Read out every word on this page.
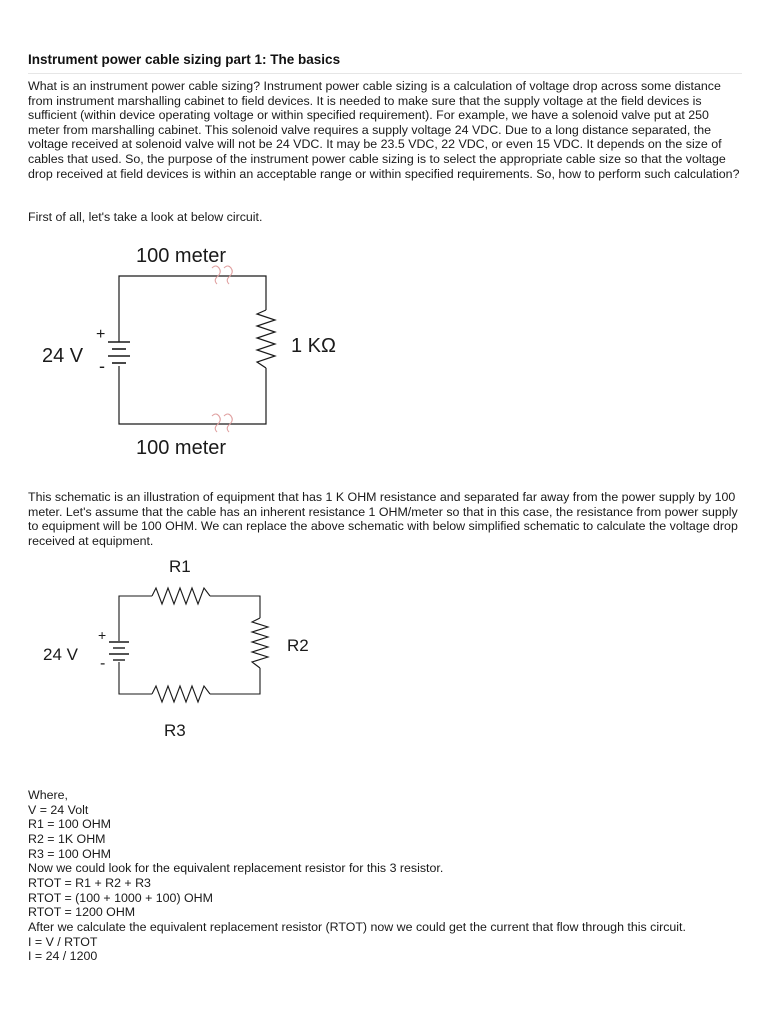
Instrument power cable sizing part 1: The basics
What is an instrument power cable sizing? Instrument power cable sizing is a calculation of voltage drop across some distance from instrument marshalling cabinet to field devices. It is needed to make sure that the supply voltage at the field devices is sufficient (within device operating voltage or within specified requirement). For example, we have a solenoid valve put at 250 meter from marshalling cabinet. This solenoid valve requires a supply voltage 24 VDC. Due to a long distance separated, the voltage received at solenoid valve will not be 24 VDC. It may be 23.5 VDC, 22 VDC, or even 15 VDC. It depends on the size of cables that used. So, the purpose of the instrument power cable sizing is to select the appropriate cable size so that the voltage drop received at field devices is within an acceptable range or within specified requirements. So, how to perform such calculation?
First of all, let's take a look at below circuit.
100 meter
100 meter
24 V
+
-
1 KΩ
This schematic is an illustration of equipment that has 1 K OHM resistance and separated far away from the power supply by 100 meter. Let's assume that the cable has an inherent resistance 1 OHM/meter so that in this case, the resistance from power supply to equipment will be 100 OHM. We can replace the above schematic with below simplified schematic to calculate the voltage drop received at equipment.
R1
R2
R3
24 V
+
-
Where,
V = 24 Volt
R1 = 100 OHM
R2 = 1K OHM
R3 = 100 OHM
Now we could look for the equivalent replacement resistor for this 3 resistor.
RTOT = R1 + R2 + R3
RTOT = (100 + 1000 + 100) OHM
RTOT = 1200 OHM
After we calculate the equivalent replacement resistor (RTOT) now we could get the current that flow through this circuit.
I = V / RTOT
I = 24 / 1200
